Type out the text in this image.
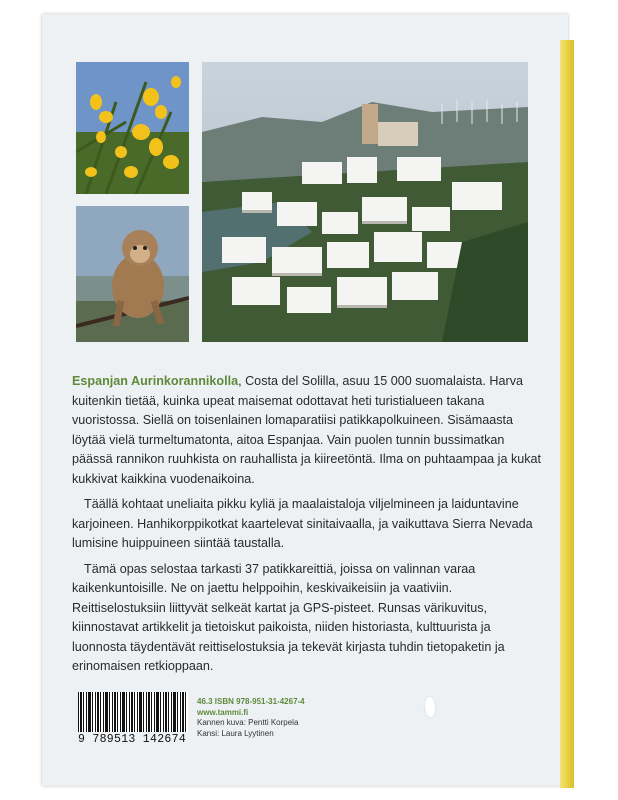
Espanjan Aurinkorannikolla, Costa del Solilla, asuu 15 000 suomalaista. Harva kuitenkin tietää, kuinka upeat maisemat odottavat heti turistialueen takana vuoristossa. Siellä on toisenlainen lomaparatiisi patikkapolkuineen. Sisämaasta löytää vielä turmeltumatonta, aitoa Espanjaa. Vain puolen tunnin bussimatkan päässä rannikon ruuhkista on rauhallista ja kiireetöntä. Ilma on puhtaampaa ja kukat kukkivat kaikkina vuodenaikoina.

Täällä kohtaat uneliaita pikku kyliä ja maalaistaloja viljelmineen ja laiduntavine karjoineen. Hanhikorppikotkat kaartelevat sinitaivaalla, ja vaikuttava Sierra Nevada lumisine huippuineen siintää taustalla.

Tämä opas selostaa tarkasti 37 patikkareittiä, joissa on valinnan varaa kaikenkuntoisille. Ne on jaettu helppoihin, keskivaikeisiin ja vaativiin. Reittiselostuksiin liittyvät selkeät kartat ja GPS-pisteet. Runsas värikuvitus, kiinnostavat artikkelit ja tietoiskut paikoista, niiden historiasta, kulttuurista ja luonnosta täydentävät reittiselostuksia ja tekevät kirjasta tuhdin tietopaketin ja erinomaisen retkioppaan.

9 789513 142674
46.3 ISBN 978-951-31-4267-4
www.tammi.fi
Kannen kuva: Pentti Korpela
Kansi: Laura Lyytinen
